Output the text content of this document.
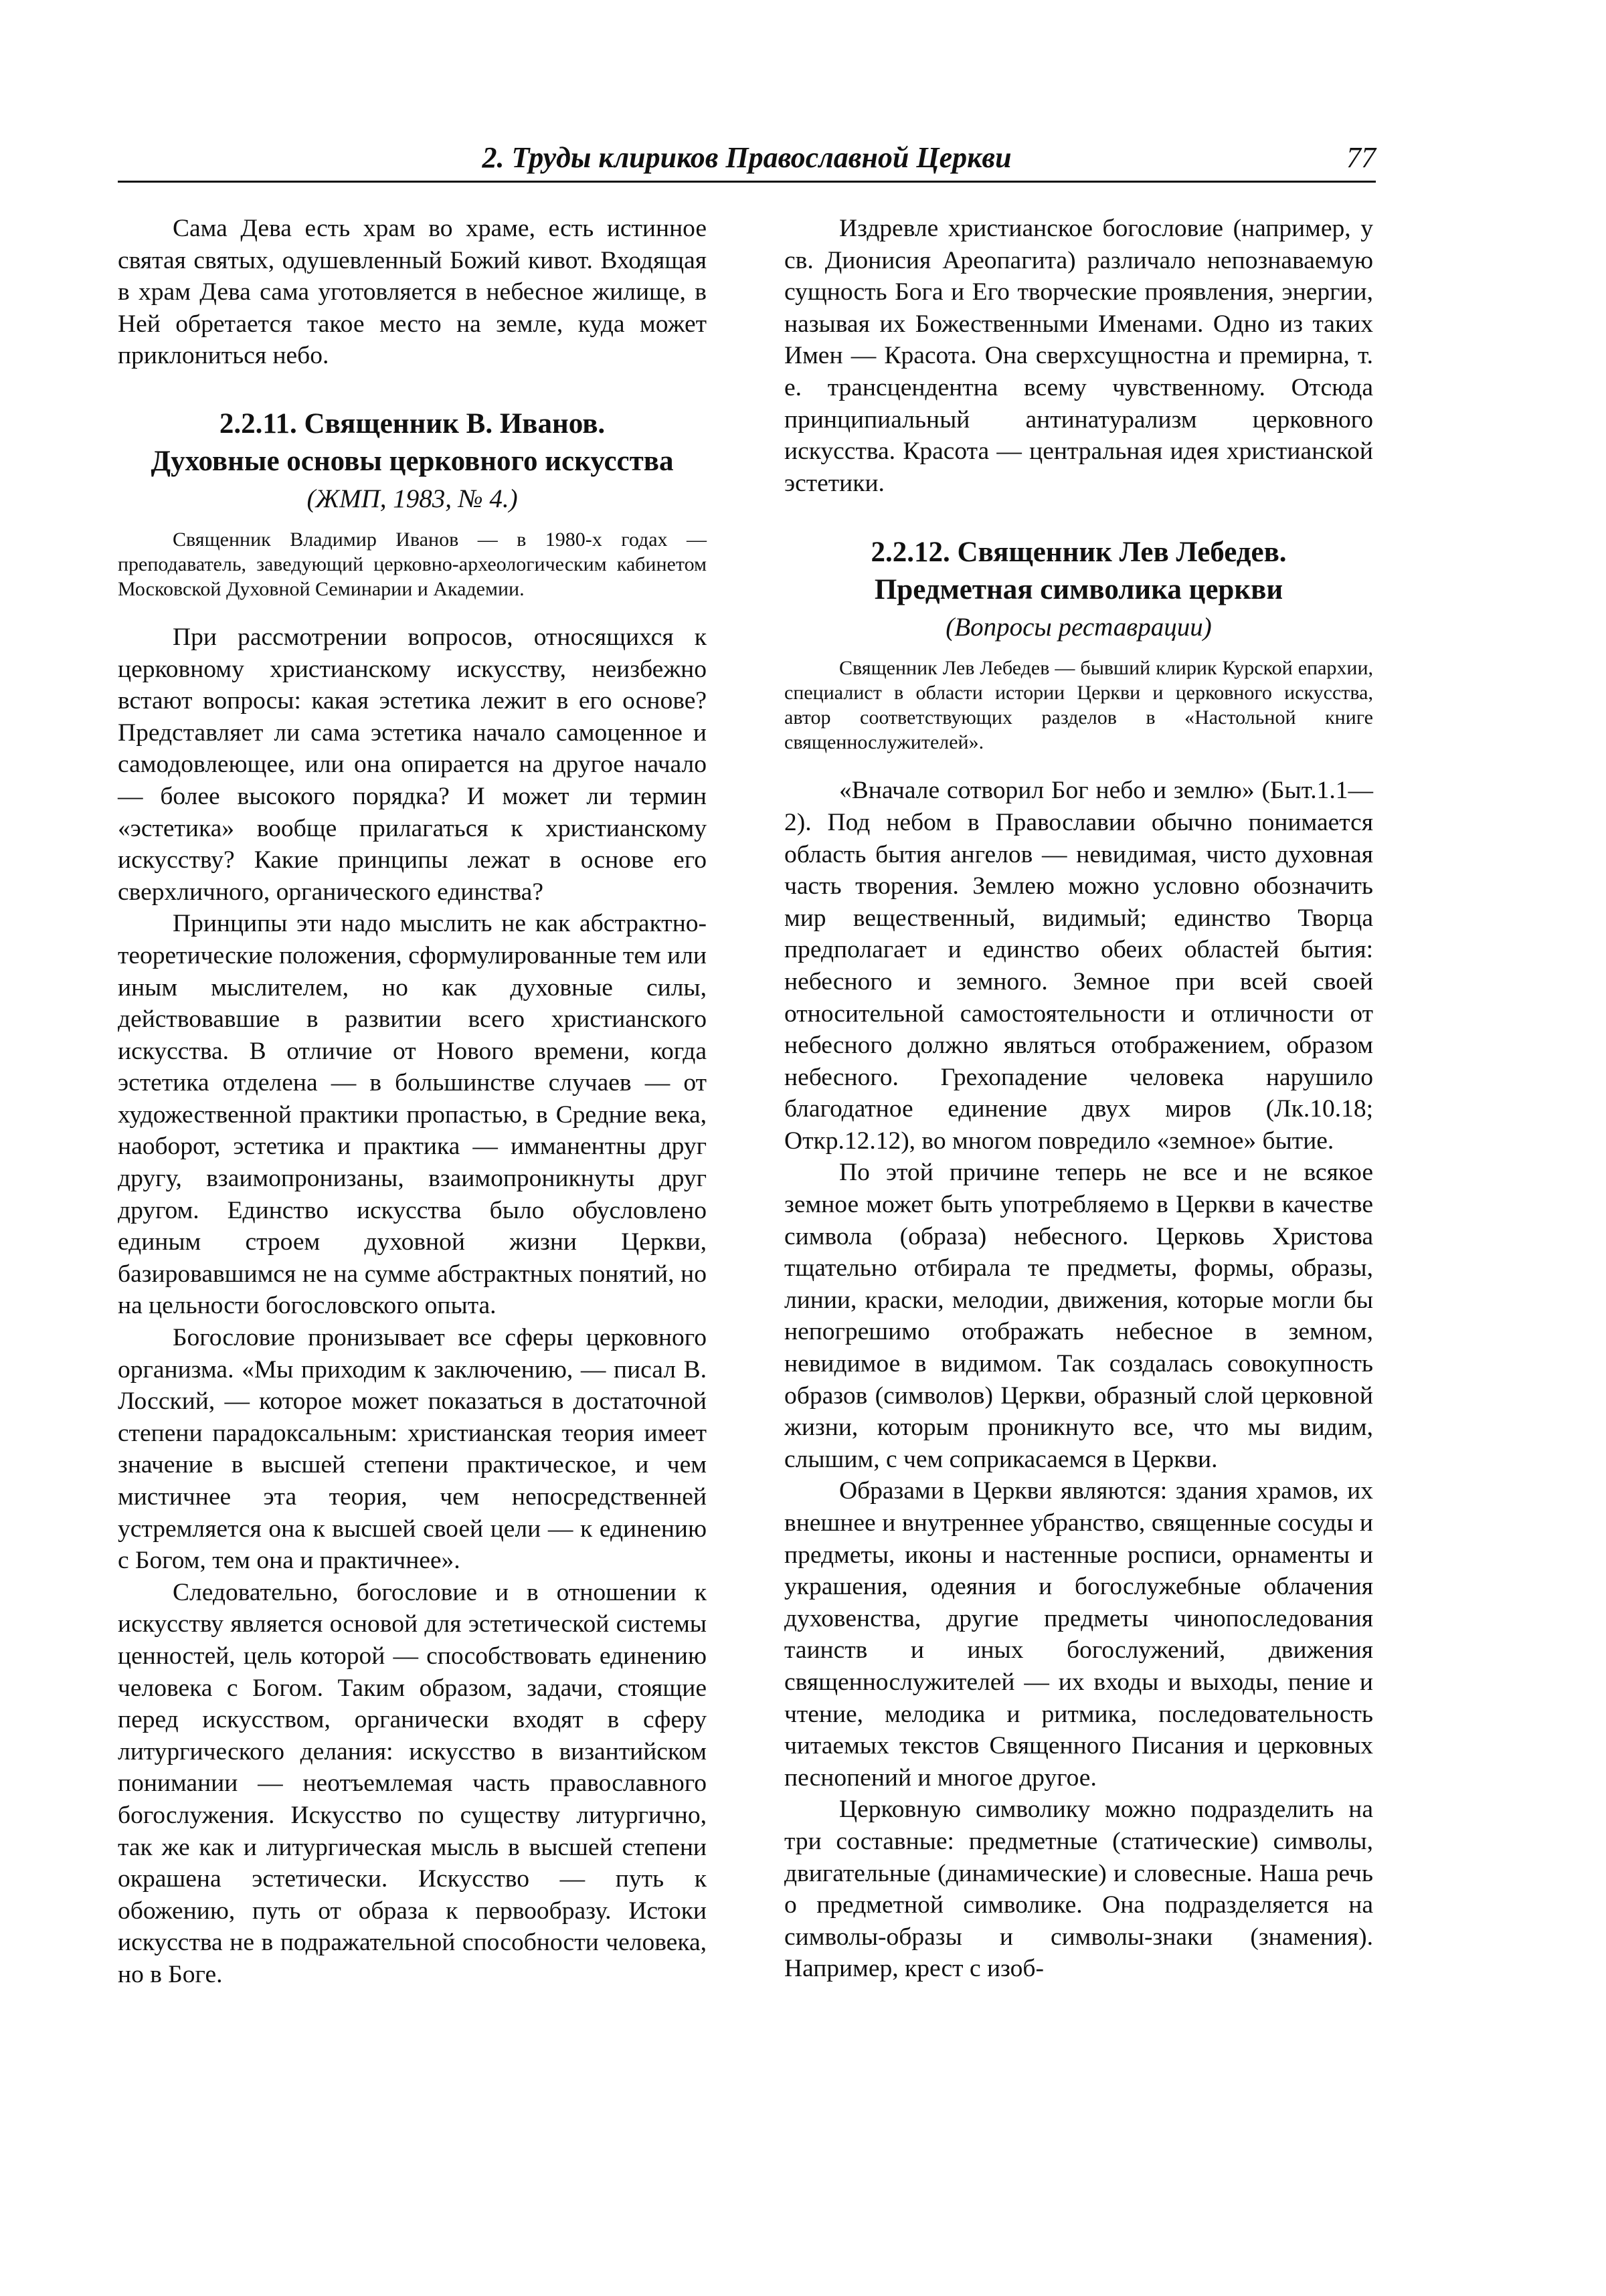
2. Труды клириков Православной Церкви	77

Сама Дева есть храм во храме, есть истинное святая святых, одушевленный Божий кивот. Входящая в храм Дева сама уготовляется в небесное жилище, в Ней обретается такое место на земле, куда может приклониться небо.

2.2.11. Священник В. Иванов.
Духовные основы церковного искусства
(ЖМП, 1983, № 4.)

Священник Владимир Иванов — в 1980-х годах — преподаватель, заведующий церковно-археологическим кабинетом Московской Духовной Семинарии и Академии.

При рассмотрении вопросов, относящихся к церковному христианскому искусству, неизбежно встают вопросы: какая эстетика лежит в его основе? Представляет ли сама эстетика начало самоценное и самодовлеющее, или она опирается на другое начало — более высокого порядка? И может ли термин «эстетика» вообще прилагаться к христианскому искусству? Какие принципы лежат в основе его сверхличного, органического единства?

Принципы эти надо мыслить не как абстрактно-теоретические положения, сформулированные тем или иным мыслителем, но как духовные силы, действовавшие в развитии всего христианского искусства. В отличие от Нового времени, когда эстетика отделена — в большинстве случаев — от художественной практики пропастью, в Средние века, наоборот, эстетика и практика — имманентны друг другу, взаимопронизаны, взаимопроникнуты друг другом. Единство искусства было обусловлено единым строем духовной жизни Церкви, базировавшимся не на сумме абстрактных понятий, но на цельности богословского опыта.

Богословие пронизывает все сферы церковного организма. «Мы приходим к заключению, — писал В. Лосский, — которое может показаться в достаточной степени парадоксальным: христианская теория имеет значение в высшей степени практическое, и чем мистичнее эта теория, чем непосредственней устремляется она к высшей своей цели — к единению с Богом, тем она и практичнее».

Следовательно, богословие и в отношении к искусству является основой для эстетической системы ценностей, цель которой — способствовать единению человека с Богом. Таким образом, задачи, стоящие перед искусством, органически входят в сферу литургического делания: искусство в византийском понимании — неотъемлемая часть православного богослужения. Искусство по существу литургично, так же как и литургическая мысль в высшей степени окрашена эстетически. Искусство — путь к обожению, путь от образа к первообразу. Истоки искусства не в подражательной способности человека, но в Боге.

Издревле христианское богословие (например, у св. Дионисия Ареопагита) различало непознаваемую сущность Бога и Его творческие проявления, энергии, называя их Божественными Именами. Одно из таких Имен — Красота. Она сверхсущностна и премирна, т. е. трансцендентна всему чувственному. Отсюда принципиальный антинатурализм церковного искусства. Красота — центральная идея христианской эстетики.

2.2.12. Священник Лев Лебедев.
Предметная символика церкви
(Вопросы реставрации)

Священник Лев Лебедев — бывший клирик Курской епархии, специалист в области истории Церкви и церковного искусства, автор соответствующих разделов в «Настольной книге священнослужителей».

«Вначале сотворил Бог небо и землю» (Быт.1.1—2). Под небом в Православии обычно понимается область бытия ангелов — невидимая, чисто духовная часть творения. Землею можно условно обозначить мир вещественный, видимый; единство Творца предполагает и единство обеих областей бытия: небесного и земного. Земное при всей своей относительной самостоятельности и отличности от небесного должно являться отображением, образом небесного. Грехопадение человека нарушило благодатное единение двух миров (Лк.10.18; Откр.12.12), во многом повредило «земное» бытие.

По этой причине теперь не все и не всякое земное может быть употребляемо в Церкви в качестве символа (образа) небесного. Церковь Христова тщательно отбирала те предметы, формы, образы, линии, краски, мелодии, движения, которые могли бы непогрешимо отображать небесное в земном, невидимое в видимом. Так создалась совокупность образов (символов) Церкви, образный слой церковной жизни, которым проникнуто все, что мы видим, слышим, с чем соприкасаемся в Церкви.

Образами в Церкви являются: здания храмов, их внешнее и внутреннее убранство, священные сосуды и предметы, иконы и настенные росписи, орнаменты и украшения, одеяния и богослужебные облачения духовенства, другие предметы чинопоследования таинств и иных богослужений, движения священнослужителей — их входы и выходы, пение и чтение, мелодика и ритмика, последовательность читаемых текстов Священного Писания и церковных песнопений и многое другое.

Церковную символику можно подразделить на три составные: предметные (статические) символы, двигательные (динамические) и словесные. Наша речь о предметной символике. Она подразделяется на символы-образы и символы-знаки (знамения). Например, крест с изоб-
